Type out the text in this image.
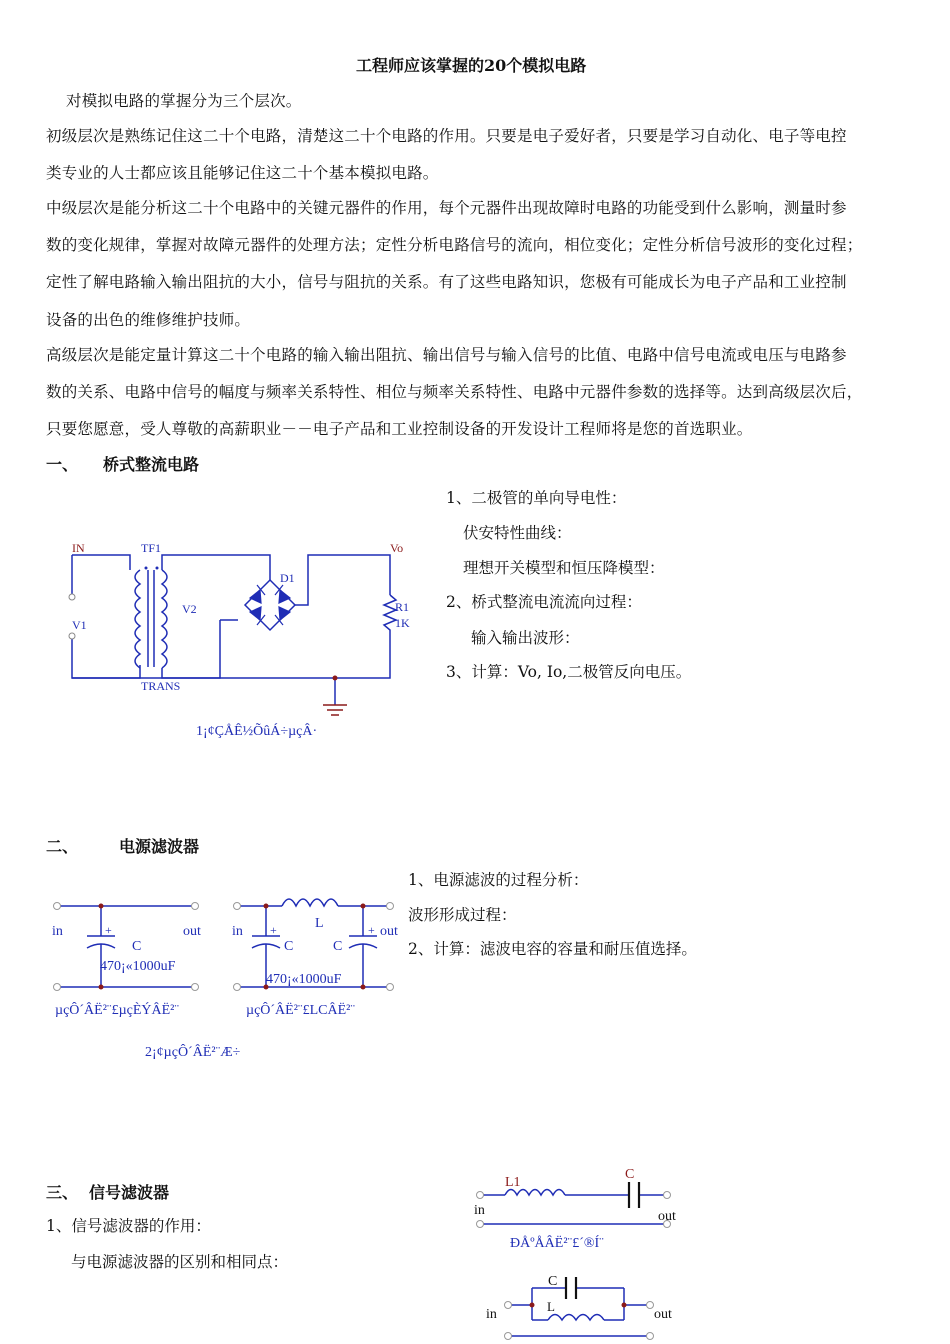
工程师应该掌握的20个模拟电路
对模拟电路的掌握分为三个层次。
初级层次是熟练记住这二十个电路，清楚这二十个电路的作用。只要是电子爱好者，只要是学习自动化、电子等电控
类专业的人士都应该且能够记住这二十个基本模拟电路。
中级层次是能分析这二十个电路中的关键元器件的作用，每个元器件出现故障时电路的功能受到什么影响，测量时参
数的变化规律，掌握对故障元器件的处理方法；定性分析电路信号的流向，相位变化；定性分析信号波形的变化过程；
定性了解电路输入输出阻抗的大小，信号与阻抗的关系。有了这些电路知识，您极有可能成长为电子产品和工业控制
设备的出色的维修维护技师。
高级层次是能定量计算这二十个电路的输入输出阻抗、输出信号与输入信号的比值、电路中信号电流或电压与电路参
数的关系、电路中信号的幅度与频率关系特性、相位与频率关系特性、电路中元器件参数的选择等。达到高级层次后，
只要您愿意，受人尊敬的高薪职业－－电子产品和工业控制设备的开发设计工程师将是您的首选职业。
一、 桥式整流电路
1、二极管的单向导电性：
伏安特性曲线：
理想开关模型和恒压降模型：
2、桥式整流电流流向过程：
输入输出波形：
3、计算：Vo, Io,二极管反向电压。
IN	Vo
TF1
D1
V2	R1
1K
V1
TRANS
1¡¢ÇÅÊ½ÕûÁ÷µçÂ·
二、	电源滤波器
1、电源滤波的过程分析：
波形形成过程：
2、计算：滤波电容的容量和耐压值选择。
in	out
+
C
470¡«1000uF
µçÔ´ÂË²¨£µçÈÝÂË²¨
in	out
+	+
C	C
L
470¡«1000uF
µçÔ´ÂË²¨£LCÂË²¨
2¡¢µçÔ´ÂË²¨Æ÷
三、 信号滤波器
1、信号滤波器的作用：
与电源滤波器的区别和相同点：
L1
C
in	out
ÐÅºÅÂË²¨£´®Í¨
C
L
in	out
